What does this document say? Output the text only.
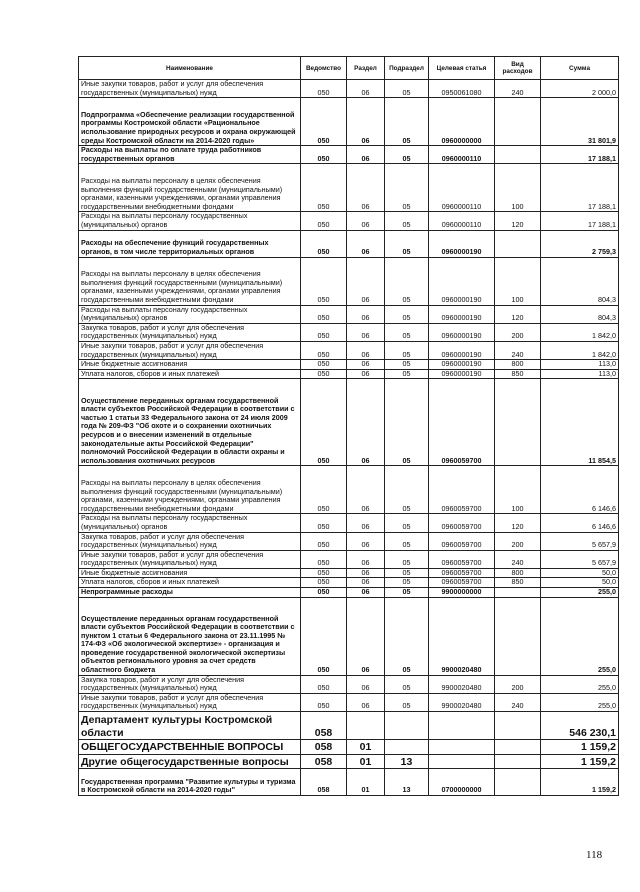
Наименование	Ведомство	Раздел	Подраздел	Целевая статья	Вид расходов	Сумма
Иные закупки товаров, работ и услуг для обеспечения государственных (муниципальных) нужд	050	06	05	0950061080	240	2 000,0
Подпрограмма «Обеспечение реализации государственной программы Костромской области «Рациональное использование природных ресурсов и охрана окружающей среды Костромской области на 2014-2020 годы»	050	06	05	0960000000		31 801,9
Расходы на выплаты по оплате труда работников государственных органов	050	06	05	0960000110		17 188,1
Расходы на выплаты персоналу в целях обеспечения выполнения функций государственными (муниципальными) органами, казенными учреждениями, органами управления государственными внебюджетными фондами	050	06	05	0960000110	100	17 188,1
Расходы на выплаты персоналу государственных (муниципальных) органов	050	06	05	0960000110	120	17 188,1
Расходы на обеспечение функций государственных органов, в том числе территориальных органов	050	06	05	0960000190		2 759,3
Расходы на выплаты персоналу в целях обеспечения выполнения функций государственными (муниципальными) органами, казенными учреждениями, органами управления государственными внебюджетными фондами	050	06	05	0960000190	100	804,3
Расходы на выплаты персоналу государственных (муниципальных) органов	050	06	05	0960000190	120	804,3
Закупка товаров, работ и услуг для обеспечения государственных (муниципальных) нужд	050	06	05	0960000190	200	1 842,0
Иные закупки товаров, работ и услуг для обеспечения государственных (муниципальных) нужд	050	06	05	0960000190	240	1 842,0
Иные бюджетные ассигнования	050	06	05	0960000190	800	113,0
Уплата налогов, сборов и иных платежей	050	06	05	0960000190	850	113,0
Осуществление переданных органам государственной власти субъектов Российской Федерации в соответствии с частью 1 статьи 33 Федерального закона от 24 июля 2009 года № 209-ФЗ "Об охоте и о сохранении охотничьих ресурсов и о внесении изменений в отдельные законодательные акты Российской Федерации" полномочий Российской Федерации в области охраны и использования охотничьих ресурсов	050	06	05	0960059700		11 854,5
Расходы на выплаты персоналу в целях обеспечения выполнения функций государственными (муниципальными) органами, казенными учреждениями, органами управления государственными внебюджетными фондами	050	06	05	0960059700	100	6 146,6
Расходы на выплаты персоналу государственных (муниципальных) органов	050	06	05	0960059700	120	6 146,6
Закупка товаров, работ и услуг для обеспечения государственных (муниципальных) нужд	050	06	05	0960059700	200	5 657,9
Иные закупки товаров, работ и услуг для обеспечения государственных (муниципальных) нужд	050	06	05	0960059700	240	5 657,9
Иные бюджетные ассигнования	050	06	05	0960059700	800	50,0
Уплата налогов, сборов и иных платежей	050	06	05	0960059700	850	50,0
Непрограммные расходы	050	06	05	9900000000		255,0
Осуществление переданных органам государственной власти субъектов Российской Федерации в соответствии с пунктом 1 статьи 6 Федерального закона от 23.11.1995 № 174-ФЗ «Об экологической экспертизе» - организация и проведение государственной экологической экспертизы объектов регионального уровня за счет средств областного бюджета	050	06	05	9900020480		255,0
Закупка товаров, работ и услуг для обеспечения государственных (муниципальных) нужд	050	06	05	9900020480	200	255,0
Иные закупки товаров, работ и услуг для обеспечения государственных (муниципальных) нужд	050	06	05	9900020480	240	255,0
Департамент культуры Костромской области	058					546 230,1
ОБЩЕГОСУДАРСТВЕННЫЕ ВОПРОСЫ	058	01				1 159,2
Другие общегосударственные вопросы	058	01	13			1 159,2
Государственная программа "Развитие культуры и туризма в Костромской области на 2014-2020 годы"	058	01	13	0700000000		1 159,2
118
